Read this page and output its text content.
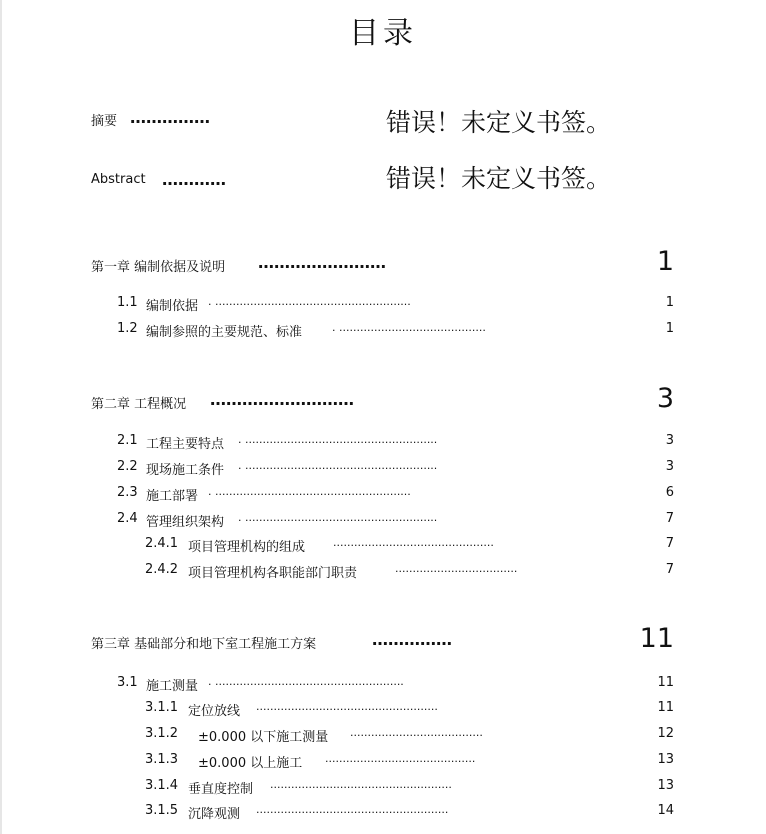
目录
摘要 ……………	错误！未定义书签。
Abstract …………	错误！未定义书签。
第一章 编制依据及说明 ……………………	1
1.1 编制依据 . ........................................................	1
1.2 编制参照的主要规范、标准	. ..........................................	1
第二章 工程概况 ………………………	3
2.1 工程主要特点 . .......................................................	3
2.2 现场施工条件 . .......................................................	3
2.3 施工部署 . ........................................................	6
2.4 管理组织架构 . .......................................................	7
2.4.1 项目管理机构的组成	..............................................	7
2.4.2 项目管理机构各职能部门职责	...................................	7
第三章 基础部分和地下室工程施工方案	……………	11
3.1 施工测量 . ......................................................	11
3.1.1 定位放线 ....................................................	11
3.1.2 ±0.000 以下施工测量 ......................................	12
3.1.3 ±0.000 以上施工 ...........................................	13
3.1.4 垂直度控制 ....................................................	13
3.1.5 沉降观测 .......................................................	14
